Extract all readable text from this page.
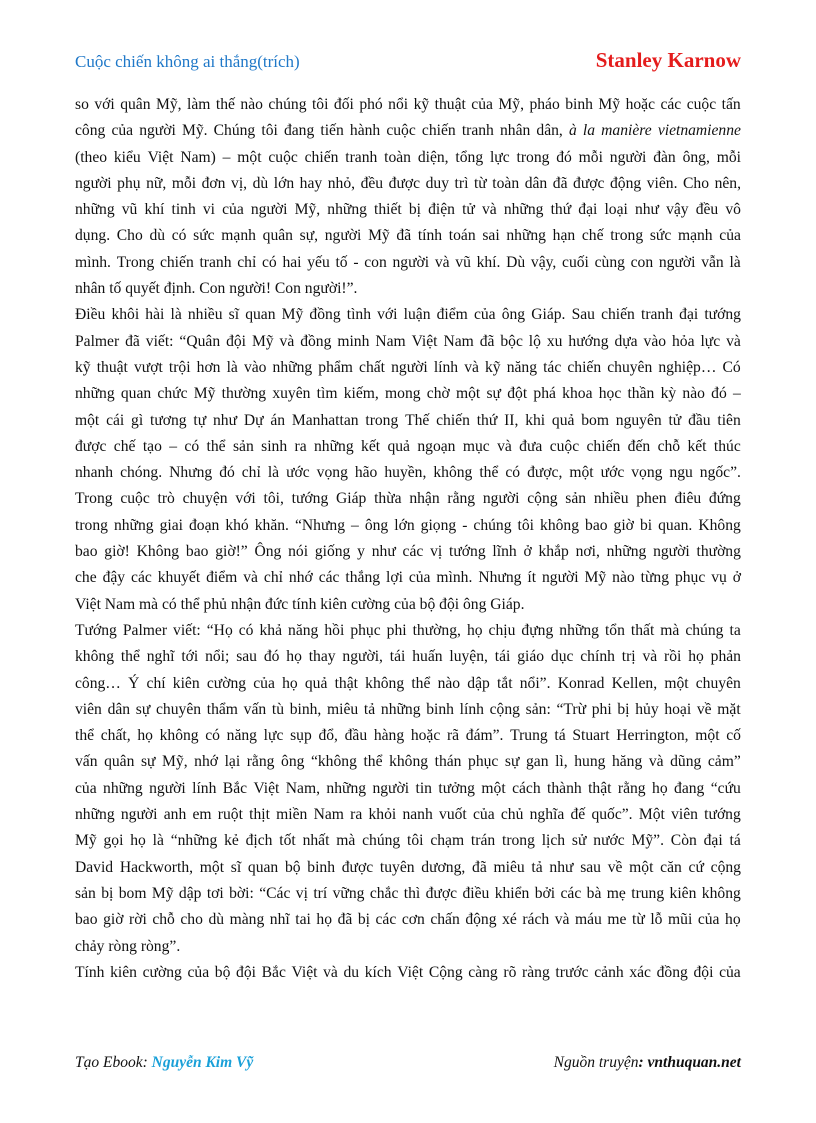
Cuộc chiến không ai thắng(trích)	Stanley Karnow
so với quân Mỹ, làm thế nào chúng tôi đối phó nổi kỹ thuật của Mỹ, pháo binh Mỹ hoặc các cuộc tấn
công của người Mỹ. Chúng tôi đang tiến hành cuộc chiến tranh nhân dân, à la manière vietnamienne
(theo kiểu Việt Nam) – một cuộc chiến tranh toàn diện, tổng lực trong đó mỗi người đàn ông, mỗi
người phụ nữ, mỗi đơn vị, dù lớn hay nhỏ, đều được duy trì từ toàn dân đã được động viên. Cho nên,
những vũ khí tinh vi của người Mỹ, những thiết bị điện tử và những thứ đại loại như vậy đều vô
dụng. Cho dù có sức mạnh quân sự, người Mỹ đã tính toán sai những hạn chế trong sức mạnh của
mình. Trong chiến tranh chỉ có hai yếu tố - con người và vũ khí. Dù vậy, cuối cùng con người vẫn là
nhân tố quyết định. Con người! Con người!”.
Điều khôi hài là nhiều sĩ quan Mỹ đồng tình với luận điểm của ông Giáp. Sau chiến tranh đại tướng
Palmer đã viết: “Quân đội Mỹ và đồng minh Nam Việt Nam đã bộc lộ xu hướng dựa vào hỏa lực và
kỹ thuật vượt trội hơn là vào những phẩm chất người lính và kỹ năng tác chiến chuyên nghiệp… Có
những quan chức Mỹ thường xuyên tìm kiếm, mong chờ một sự đột phá khoa học thần kỳ nào đó –
một cái gì tương tự như Dự án Manhattan trong Thế chiến thứ II, khi quả bom nguyên tử đầu tiên
được chế tạo – có thể sản sinh ra những kết quả ngoạn mục và đưa cuộc chiến đến chỗ kết thúc
nhanh chóng. Nhưng đó chỉ là ước vọng hão huyền, không thể có được, một ước vọng ngu ngốc”.
Trong cuộc trò chuyện với tôi, tướng Giáp thừa nhận rằng người cộng sản nhiều phen điêu đứng
trong những giai đoạn khó khăn. “Nhưng – ông lớn giọng - chúng tôi không bao giờ bi quan. Không
bao giờ! Không bao giờ!” Ông nói giống y như các vị tướng lĩnh ở khắp nơi, những người thường
che đậy các khuyết điểm và chỉ nhớ các thắng lợi của mình. Nhưng ít người Mỹ nào từng phục vụ ở
Việt Nam mà có thể phủ nhận đức tính kiên cường của bộ đội ông Giáp.
Tướng Palmer viết: “Họ có khả năng hồi phục phi thường, họ chịu đựng những tổn thất mà chúng ta
không thể nghĩ tới nổi; sau đó họ thay người, tái huấn luyện, tái giáo dục chính trị và rồi họ phản
công… Ý chí kiên cường của họ quả thật không thể nào dập tắt nổi”. Konrad Kellen, một chuyên
viên dân sự chuyên thẩm vấn tù binh, miêu tả những binh lính cộng sản: “Trừ phi bị hủy hoại về mặt
thể chất, họ không có năng lực sụp đổ, đầu hàng hoặc rã đám”. Trung tá Stuart Herrington, một cố
vấn quân sự Mỹ, nhớ lại rằng ông “không thể không thán phục sự gan lì, hung hăng và dũng cảm”
của những người lính Bắc Việt Nam, những người tin tưởng một cách thành thật rằng họ đang “cứu
những người anh em ruột thịt miền Nam ra khỏi nanh vuốt của chủ nghĩa đế quốc”. Một viên tướng
Mỹ gọi họ là “những kẻ địch tốt nhất mà chúng tôi chạm trán trong lịch sử nước Mỹ”. Còn đại tá
David Hackworth, một sĩ quan bộ binh được tuyên dương, đã miêu tả như sau về một căn cứ cộng
sản bị bom Mỹ dập tơi bời: “Các vị trí vững chắc thì được điều khiển bởi các bà mẹ trung kiên không
bao giờ rời chỗ cho dù màng nhĩ tai họ đã bị các cơn chấn động xé rách và máu me từ lỗ mũi của họ
chảy ròng ròng”.
Tính kiên cường của bộ đội Bắc Việt và du kích Việt Cộng càng rõ ràng trước cảnh xác đồng đội của
Tạo Ebook: Nguyễn Kim Vỹ	Nguồn truyện: vnthuquan.net
